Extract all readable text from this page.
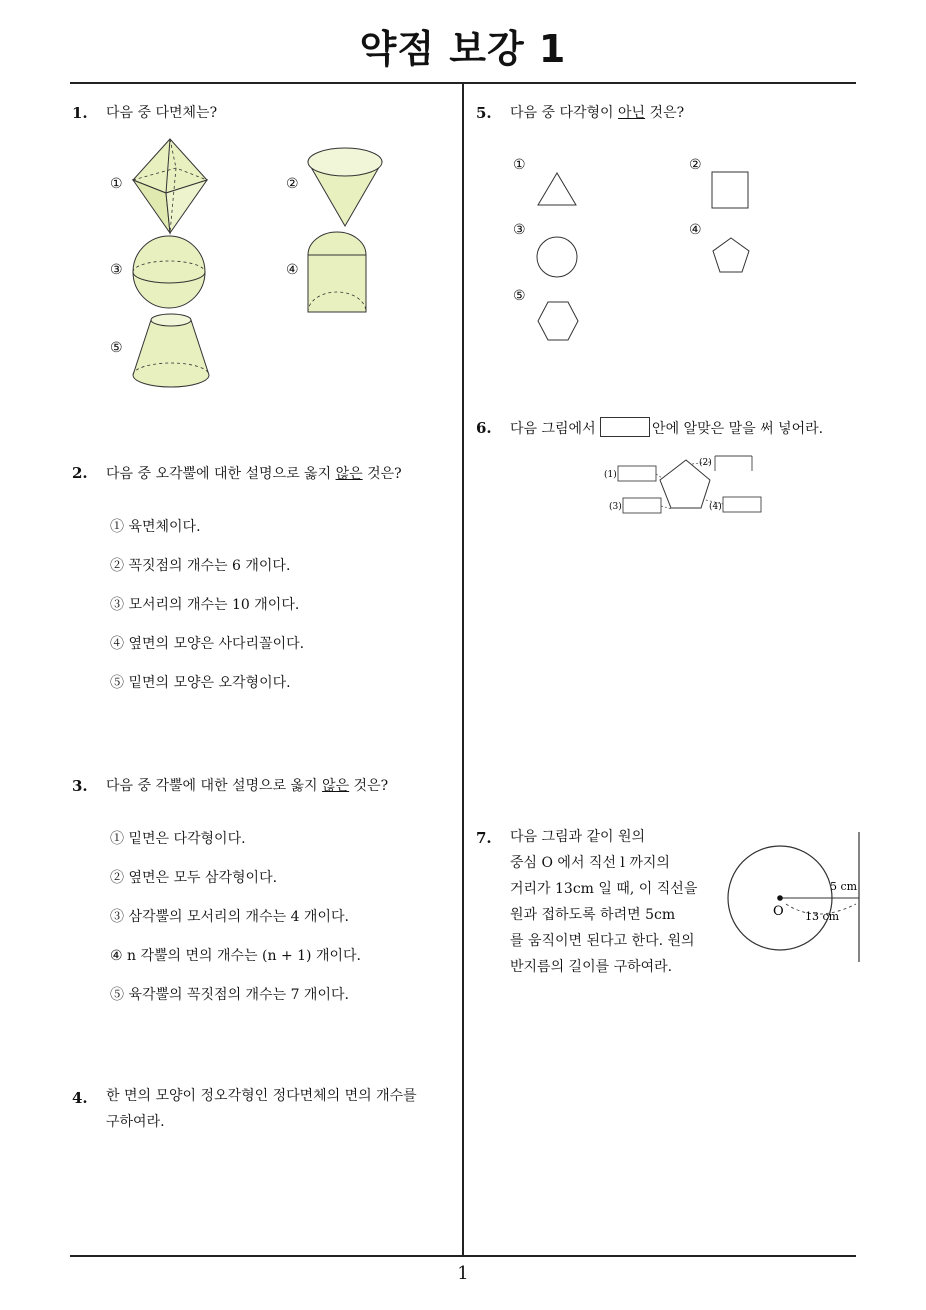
약점 보강 1
1
1. 다음 중 다면체는?
①	②
③	④
⑤
2. 다음 중 오각뿔에 대한 설명으로 옳지 않은 것은?
① 육면체이다.
② 꼭짓점의 개수는 6 개이다.
③ 모서리의 개수는 10 개이다.
④ 옆면의 모양은 사다리꼴이다.
⑤ 밑면의 모양은 오각형이다.
3. 다음 중 각뿔에 대한 설명으로 옳지 않은 것은?
① 밑면은 다각형이다.
② 옆면은 모두 삼각형이다.
③ 삼각뿔의 모서리의 개수는 4 개이다.
④ n 각뿔의 면의 개수는 (n + 1) 개이다.
⑤ 육각뿔의 꼭짓점의 개수는 7 개이다.
4. 한 면의 모양이 정오각형인 정다면체의 면의 개수를
구하여라.
5. 다음 중 다각형이 아닌 것은?
①	②
③	④
⑤
6. 다음 그림에서	안에 알맞은 말을 써 넣어라.
(1)
(2)
(3)	(4)
7. 다음 그림과 같이 원의
중심 O 에서 직선 l 까지의
거리가 13cm 일 때, 이 직선을
원과 접하도록 하려면 5cm
를 움직이면 된다고 한다. 원의
반지름의 길이를 구하여라.
O 13 cm
5 cm
